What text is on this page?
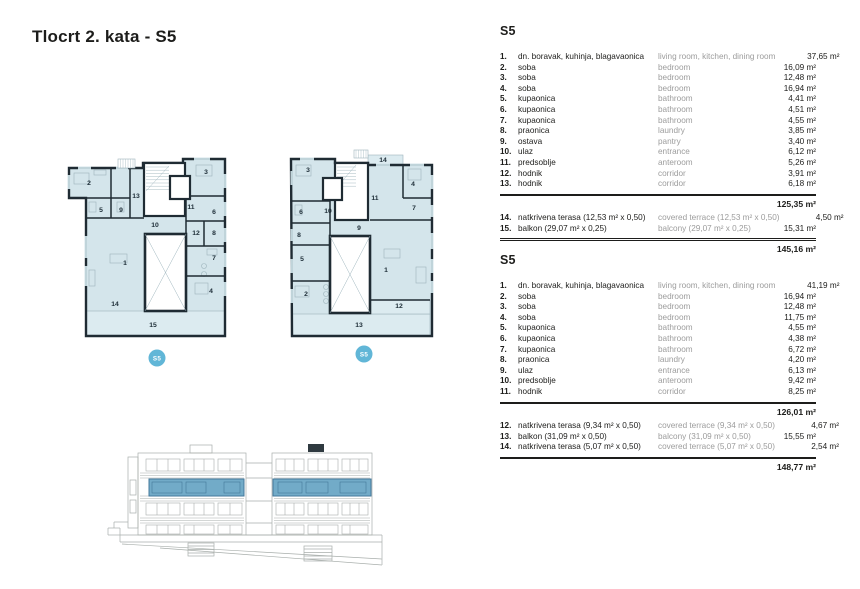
Tlocrt 2. kata - S5
2
13
3
5 9	11
6
10
12 8
7
1
4
14
15
S5
14
3
4
11
7
6	10
9
8
5
1
2
12
13
S5
S5
1.	dn. boravak, kuhinja, blagavaonica	living room, kitchen, dining room	37,65 m²
2.	soba	bedroom	16,09 m²
3.	soba	bedroom	12,48 m²
4.	soba	bedroom	16,94 m²
5.	kupaonica	bathroom	4,41 m²
6.	kupaonica	bathroom	4,51 m²
7.	kupaonica	bathroom	4,55 m²
8.	praonica	laundry	3,85 m²
9.	ostava	pantry	3,40 m²
10. ulaz	entrance	6,12 m²
11. predsoblje	anteroom	5,26 m²
12. hodnik	corridor	3,91 m²
13. hodnik	corridor	6,18 m²
125,35 m²
14. natkrivena terasa (12,53 m² x 0,50)	covered terrace (12,53 m² x 0,50)	4,50 m²
15. balkon (29,07 m² x 0,25)	balcony (29,07 m² x 0,25)	15,31 m²
145,16 m²
S5
1.	dn. boravak, kuhinja, blagavaonica	living room, kitchen, dining room	41,19 m²
2.	soba	bedroom	16,94 m²
3.	soba	bedroom	12,48 m²
4.	soba	bedroom	11,75 m²
5.	kupaonica	bathroom	4,55 m²
6.	kupaonica	bathroom	4,38 m²
7.	kupaonica	bathroom	6,72 m²
8.	praonica	laundry	4,20 m²
9.	ulaz	entrance	6,13 m²
10. predsoblje	anteroom	9,42 m²
11. hodnik	corridor	8,25 m²
126,01 m²
12. natkrivena terasa (9,34 m² x 0,50)	covered terrace (9,34 m² x 0,50)	4,67 m²
13. balkon (31,09 m² x 0,50)	balcony (31,09 m² x 0,50)	15,55 m²
14. natkrivena terasa (5,07 m² x 0,50)	covered terrace (5,07 m² x 0,50)	2,54 m²
148,77 m²
